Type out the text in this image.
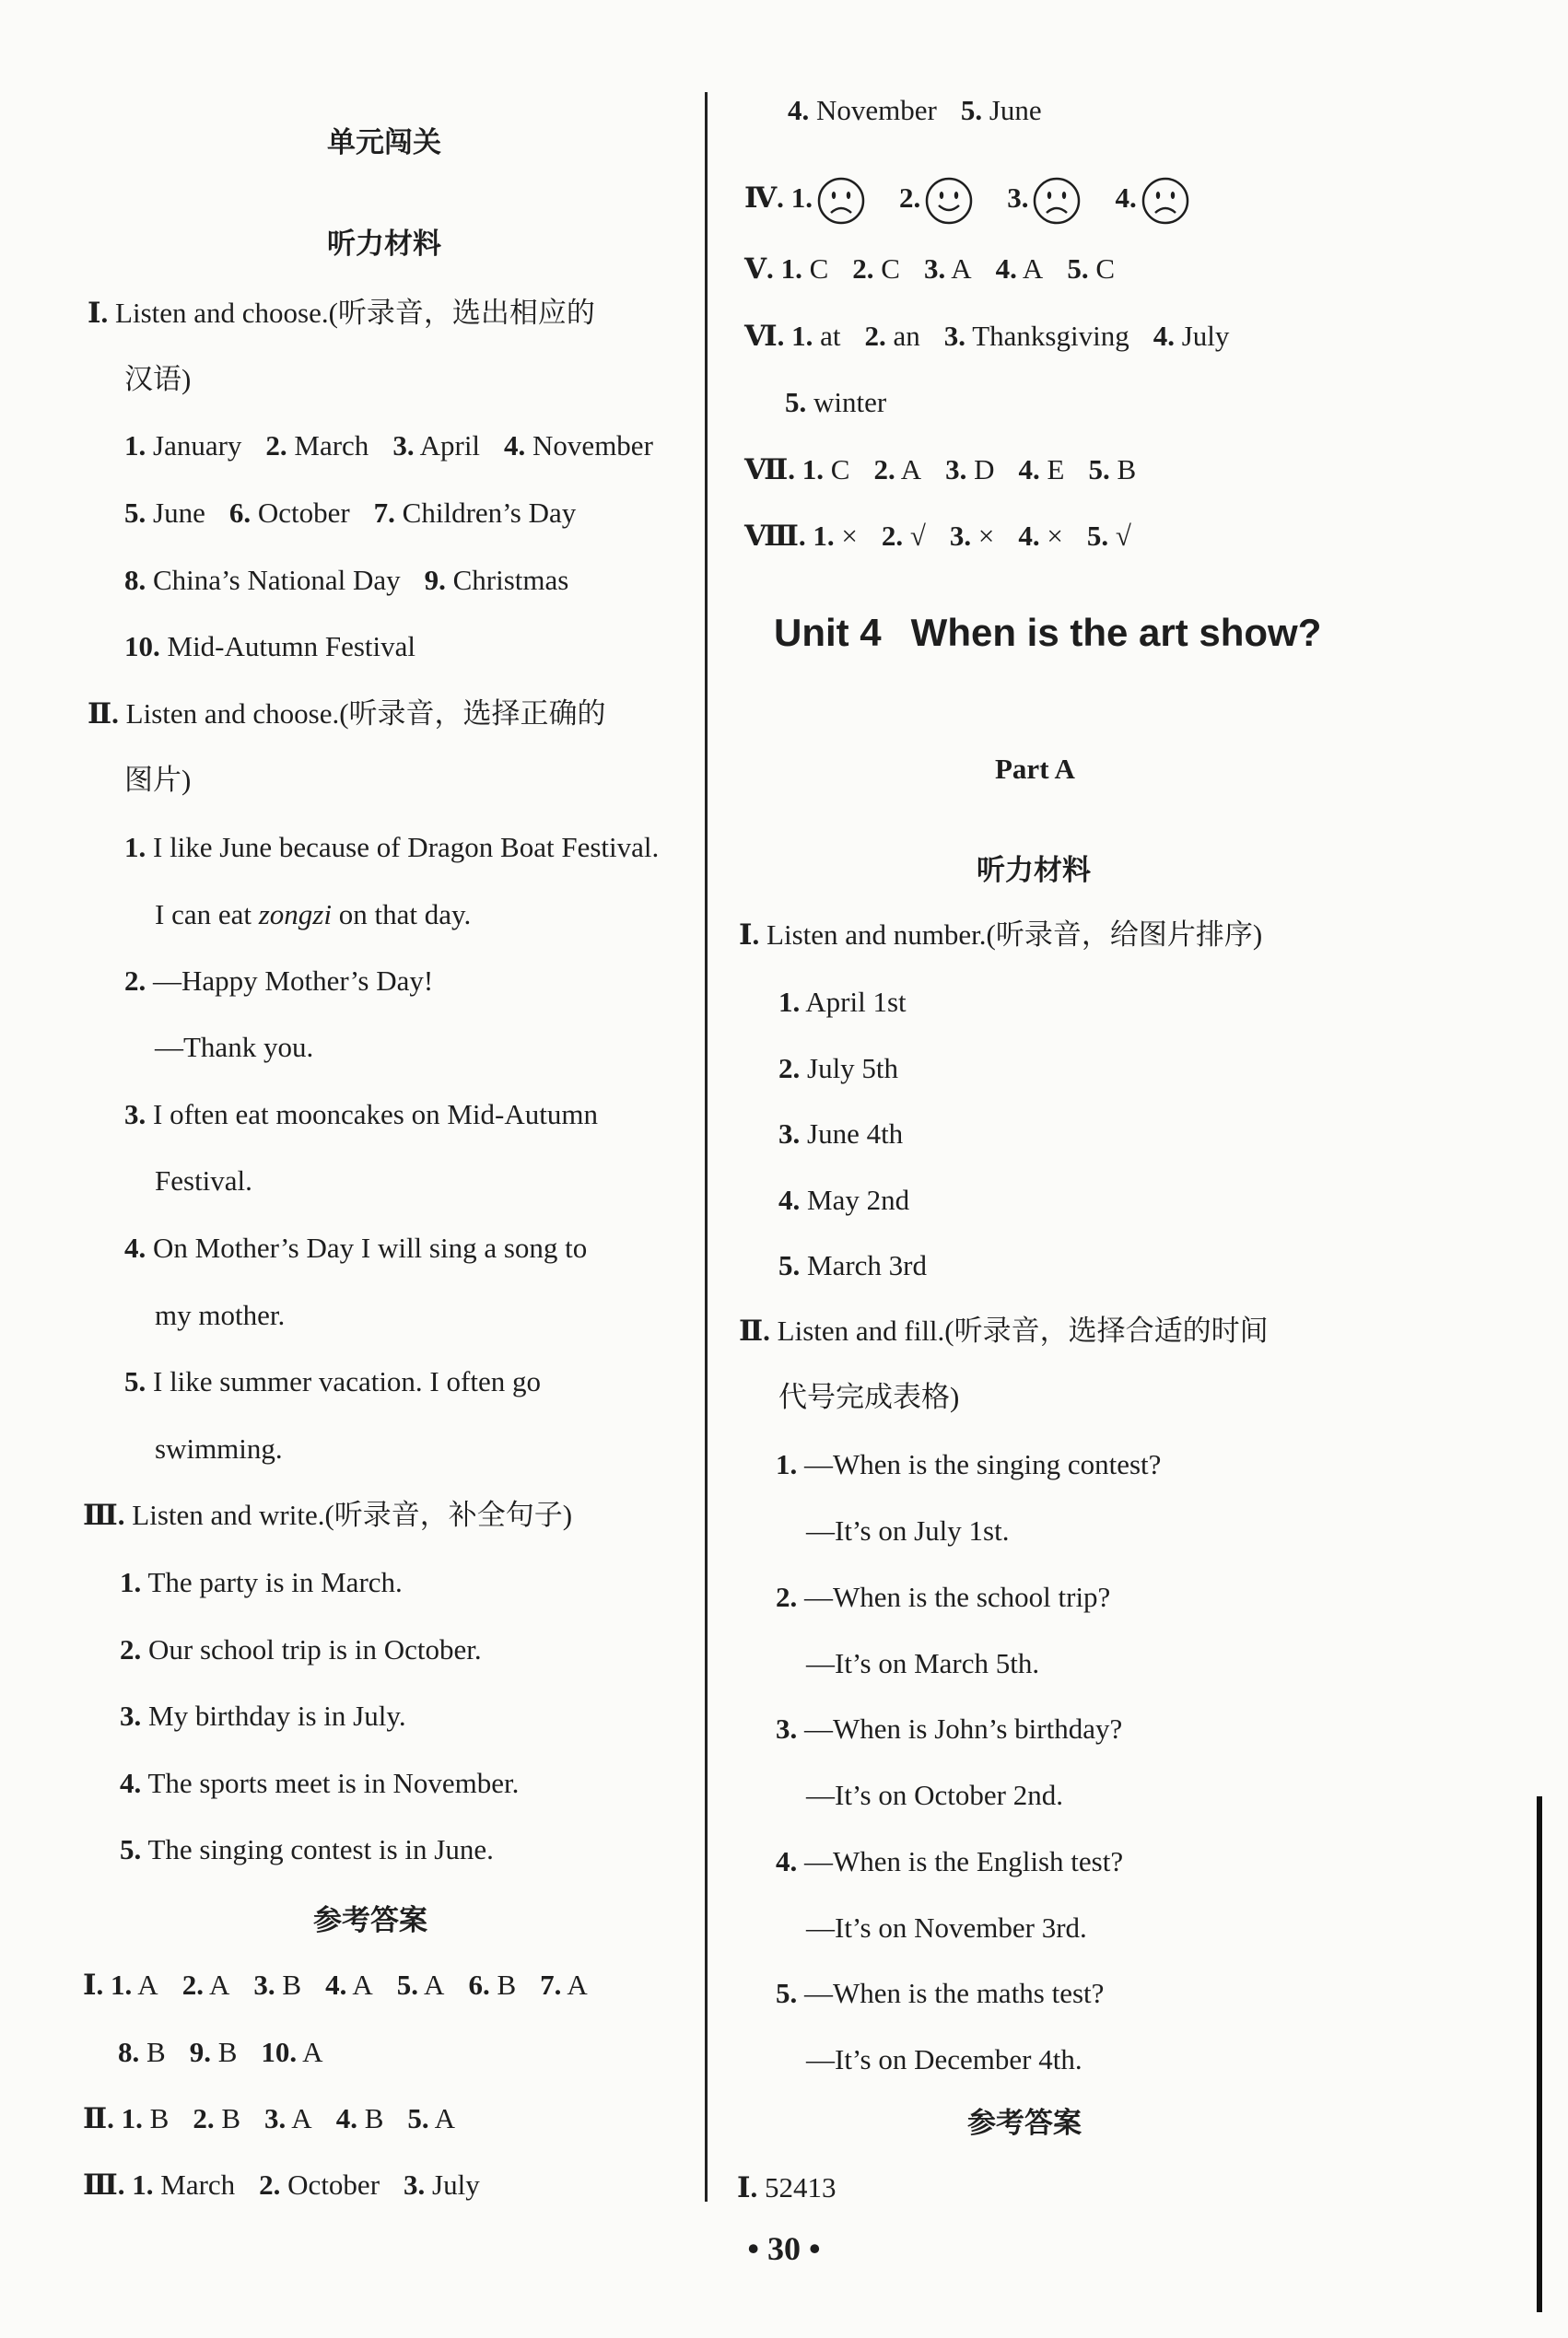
单元闯关
听力材料
Ⅰ. Listen and choose.(听录音，选出相应的
汉语)
1. January 2. March 3. April 4. November
5. June 6. October 7. Children’s Day
8. China’s National Day 9. Christmas
10. Mid-Autumn Festival
Ⅱ. Listen and choose.(听录音，选择正确的
图片)
1. I like June because of Dragon Boat Festival.
I can eat zongzi on that day.
2. —Happy Mother’s Day!
—Thank you.
3. I often eat mooncakes on Mid-Autumn
Festival.
4. On Mother’s Day I will sing a song to
my mother.
5. I like summer vacation. I often go
swimming.
Ⅲ. Listen and write.(听录音，补全句子)
1. The party is in March.
2. Our school trip is in October.
3. My birthday is in July.
4. The sports meet is in November.
5. The singing contest is in June.
参考答案
Ⅰ. 1. A 2. A 3. B 4. A 5. A 6. B 7. A
8. B 9. B 10. A
Ⅱ. 1. B 2. B 3. A 4. B 5. A
Ⅲ. 1. March 2. October 3. July
4. November 5. June
Ⅳ. 1.	2.	3.	4.
Ⅴ. 1. C 2. C 3. A 4. A 5. C
Ⅵ. 1. at 2. an 3. Thanksgiving 4. July
5. winter
Ⅶ. 1. C 2. A 3. D 4. E 5. B
Ⅷ. 1. × 2. √ 3. × 4. × 5. √
Unit 4 When is the art show?
Part A
听力材料
Ⅰ. Listen and number.(听录音，给图片排序)
1. April 1st
2. July 5th
3. June 4th
4. May 2nd
5. March 3rd
Ⅱ. Listen and fill.(听录音，选择合适的时间
代号完成表格)
1. —When is the singing contest?
—It’s on July 1st.
2. —When is the school trip?
—It’s on March 5th.
3. —When is John’s birthday?
—It’s on October 2nd.
4. —When is the English test?
—It’s on November 3rd.
5. —When is the maths test?
—It’s on December 4th.
参考答案
Ⅰ. 52413
• 30 •
